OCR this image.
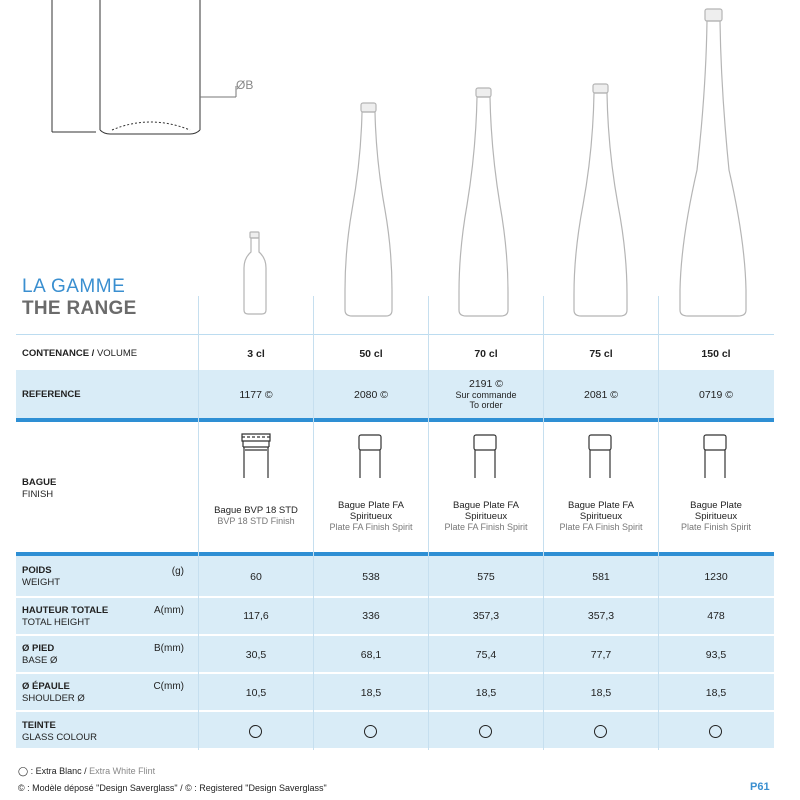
ØB
LA GAMME
THE RANGE
CONTENANCE / VOLUME
REFERENCE
BAGUE
FINISH
POIDS
WEIGHT
(g)
HAUTEUR TOTALE
TOTAL HEIGHT
A(mm)
Ø PIED
BASE Ø
B(mm)
Ø ÉPAULE
SHOULDER Ø
C(mm)
TEINTE
GLASS COLOUR
3 cl
1177 ©
Bague BVP 18 STD
BVP 18 STD Finish
60
117,6
30,5
10,5
50 cl
2080 ©
Bague Plate FA
Spiritueux
Plate FA Finish Spirit
538
336
68,1
18,5
70 cl
2191 ©
Sur commande
To order
Bague Plate FA
Spiritueux
Plate FA Finish Spirit
575
357,3
75,4
18,5
75 cl
2081 ©
Bague Plate FA
Spiritueux
Plate FA Finish Spirit
581
357,3
77,7
18,5
150 cl
0719 ©
Bague Plate
Spiritueux
Plate Finish Spirit
1230
478
93,5
18,5
◯ : Extra Blanc / Extra White Flint
© : Modèle déposé "Design Saverglass" / © : Registered "Design Saverglass"	P61
